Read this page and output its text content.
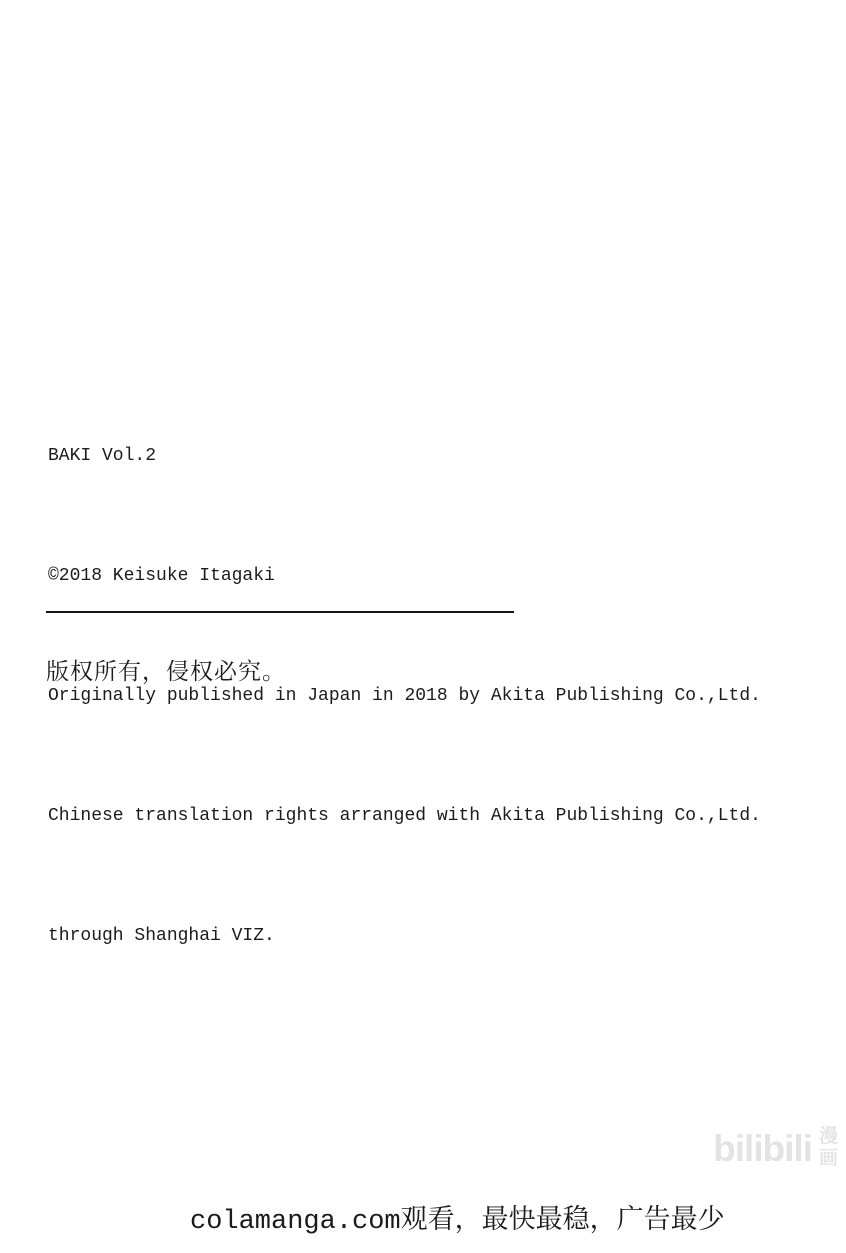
BAKI Vol.2

©2018 Keisuke Itagaki

Originally published in Japan in 2018 by Akita Publishing Co.,Ltd.

Chinese translation rights arranged with Akita Publishing Co.,Ltd.

through Shanghai VIZ.

版权所有，侵权必究。
bilibili 漫
画
colamanga.com观看，最快最稳，广告最少
